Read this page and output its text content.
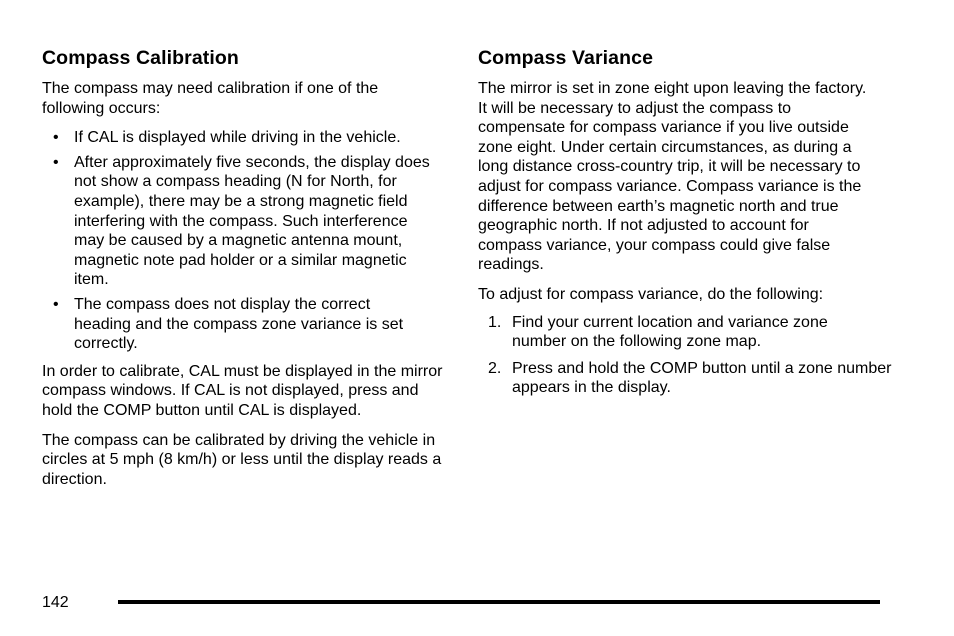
Compass Calibration

The compass may need calibration if one of the following occurs:

• If CAL is displayed while driving in the vehicle.
• After approximately five seconds, the display does not show a compass heading (N for North, for example), there may be a strong magnetic field interfering with the compass. Such interference may be caused by a magnetic antenna mount, magnetic note pad holder or a similar magnetic item.
• The compass does not display the correct heading and the compass zone variance is set correctly.

In order to calibrate, CAL must be displayed in the mirror compass windows. If CAL is not displayed, press and hold the COMP button until CAL is displayed.

The compass can be calibrated by driving the vehicle in circles at 5 mph (8 km/h) or less until the display reads a direction.

Compass Variance

The mirror is set in zone eight upon leaving the factory. It will be necessary to adjust the compass to compensate for compass variance if you live outside zone eight. Under certain circumstances, as during a long distance cross-country trip, it will be necessary to adjust for compass variance. Compass variance is the difference between earth’s magnetic north and true geographic north. If not adjusted to account for compass variance, your compass could give false readings.

To adjust for compass variance, do the following:

1. Find your current location and variance zone number on the following zone map.
2. Press and hold the COMP button until a zone number appears in the display.
142
